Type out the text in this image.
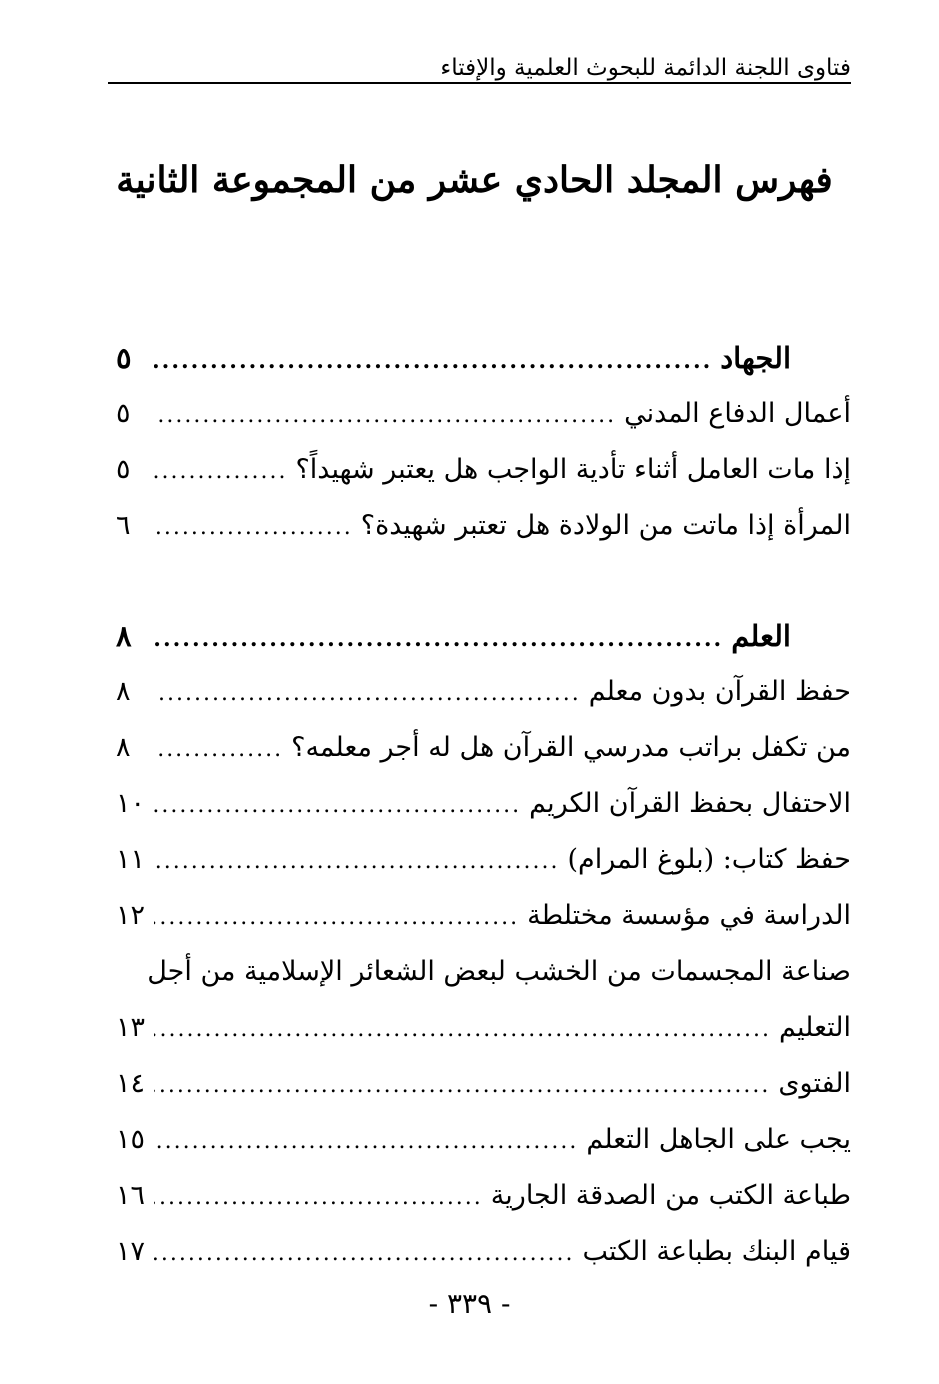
فتاوى اللجنة الدائمة للبحوث العلمية والإفتاء
فهرس المجلد الحادي عشر من المجموعة الثانية
الجهاد
.....
٥
أعمال الدفاع المدني
.....
٥
إذا مات العامل أثناء تأدية الواجب هل يعتبر شهيداً؟
.....
٥
المرأة إذا ماتت من الولادة هل تعتبر شهيدة؟
.....
٦
العلم
.....
٨
حفظ القرآن بدون معلم
.....
٨
من تكفل براتب مدرسي القرآن هل له أجر معلمه؟
.....
٨
الاحتفال بحفظ القرآن الكريم
.....
١٠
حفظ كتاب: (بلوغ المرام)
.....
١١
الدراسة في مؤسسة مختلطة
.....
١٢
صناعة المجسمات من الخشب لبعض الشعائر الإسلامية من أجل
التعليم
.....
١٣
الفتوى
.....
١٤
يجب على الجاهل التعلم
.....
١٥
طباعة الكتب من الصدقة الجارية
.....
١٦
قيام البنك بطباعة الكتب
.....
١٧
- ٣٣٩ -
